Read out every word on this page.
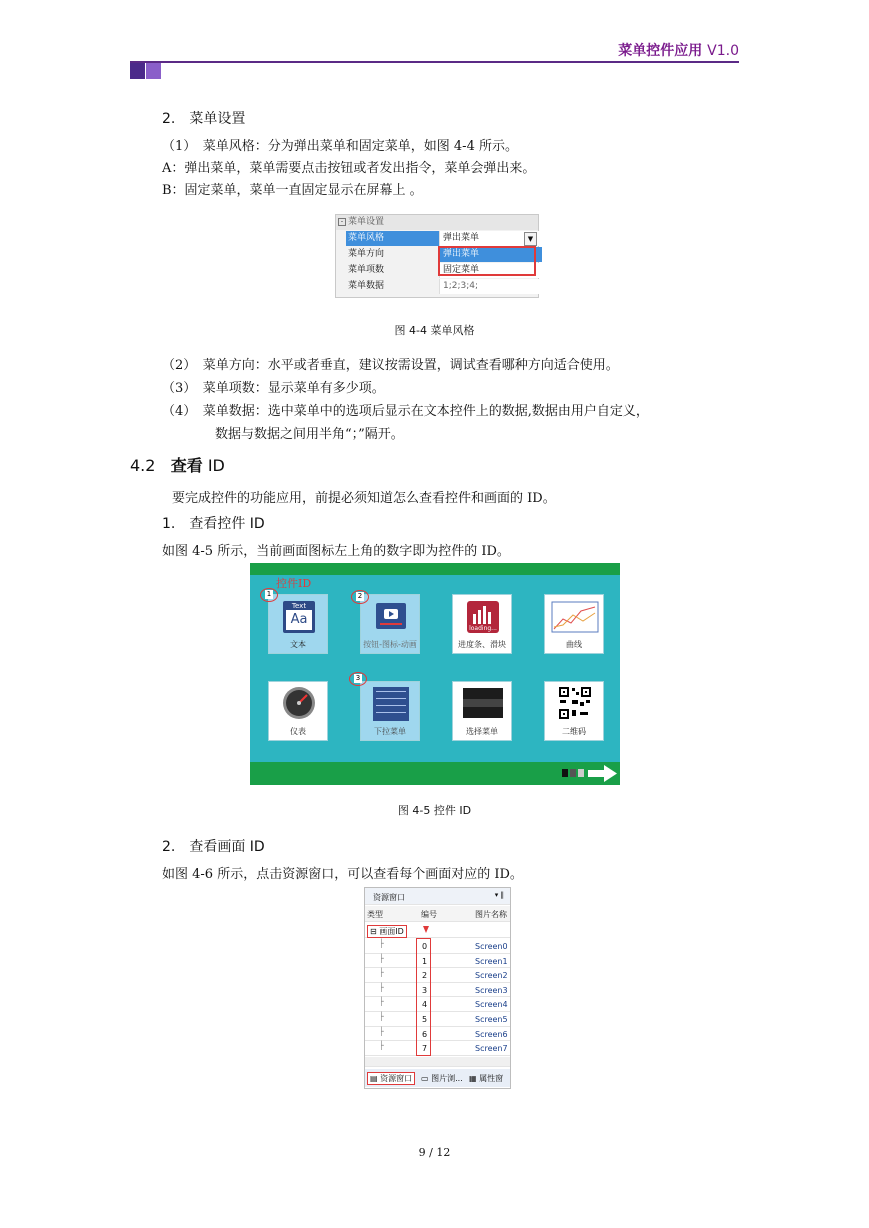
菜单控件应用 V1.0
2.　菜单设置
（1）　菜单风格：分为弹出菜单和固定菜单，如图 4-4 所示。
A：弹出菜单，菜单需要点击按钮或者发出指令，菜单会弹出来。
B：固定菜单，菜单一直固定显示在屏幕上 。
- 菜单设置
菜单风格	弹出菜单	▼
菜单方向	弹出菜单
菜单项数	固定菜单
菜单数据	1;2;3;4;
图 4-4 菜单风格
（2）　菜单方向：水平或者垂直，建议按需设置，调试查看哪种方向适合使用。
（3）　菜单项数：显示菜单有多少项。
（4）　菜单数据：选中菜单中的选项后显示在文本控件上的数据,数据由用户自定义，
数据与数据之间用半角“；”隔开。
4.2 查看 ID
要完成控件的功能应用，前提必须知道怎么查看控件和画面的 ID。
1.　查看控件 ID
如图 4-5 所示，当前画面图标左上角的数字即为控件的 ID。
控件ID
Text
Aa
文本	按钮-图标-动画
loading...
进度条、滑块	曲线
仪表	下拉菜单	选择菜单	二维码
1	2
3
图 4-5 控件 ID
2.　查看画面 ID
如图 4-6 所示，点击资源窗口，可以查看每个画面对应的 ID。
资源窗口	▾ ‖
类型	编号	图片名称
⊟ 画面ID
├	0	Screen0
├	1	Screen1
├	2	Screen2
├	3	Screen3
├	4	Screen4
├	5	Screen5
├	6	Screen6
├	7	Screen7
▤ 资源窗口	▭ 图片浏... ▦ 属性窗
9 / 12
